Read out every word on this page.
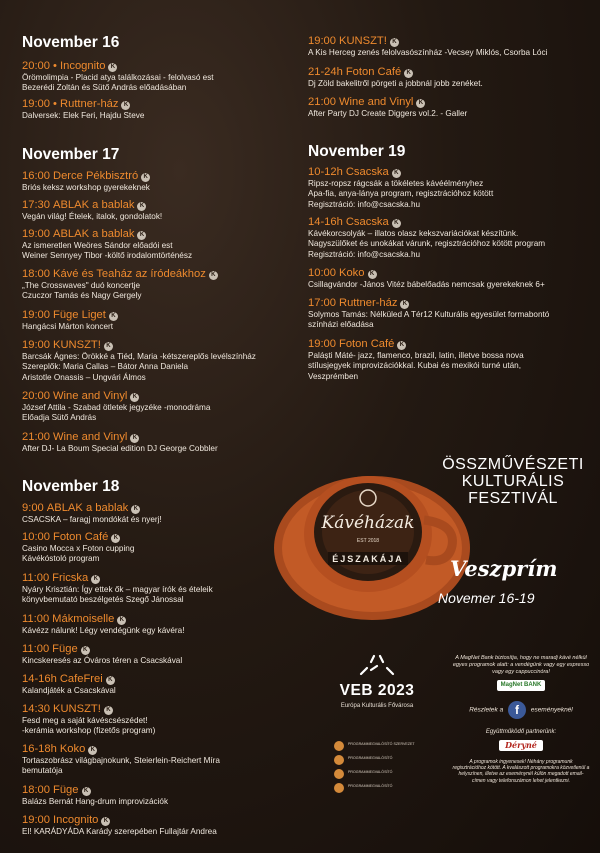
November 16
20:00 • Incognito K
Örömolimpia - Placid atya találkozásai - felolvasó est
Bezerédi Zoltán és Sütő András előadásában
19:00 • Ruttner-ház K
Dalversek: Elek Feri, Hajdu Steve
November 17
16:00 Derce Pékbisztró K
Briós keksz workshop gyerekeknek
17:30 ABLAK a bablak K
Vegán világ! Ételek, italok, gondolatok!
19:00 ABLAK a bablak K
Az ismeretlen Weöres Sándor előadói est
Weiner Sennyey Tibor -költő irodalomtörténész
18:00 Kávé és Teaház az íródeákhoz K
„The Crosswaves" duó koncertje
Czuczor Tamás és Nagy Gergely
19:00 Füge Liget K
Hangácsi Márton koncert
19:00 KUNSZT! K
Barcsák Ágnes: Örökké a Tiéd, Maria -kétszereplős levélszínház
Szereplők: Maria Callas – Bátor Anna Daniela
Aristotle Onassis – Ungvári Álmos
20:00 Wine and Vinyl K
József Attila - Szabad ötletek jegyzéke -monodráma
Előadja Sütő András
21:00 Wine and Vinyl K
After DJ- La Boum Special edition DJ George Cobbler
November 18
9:00 ABLAK a bablak K
CSACSKA – faragj mondókát és nyerj!
10:00 Foton Café K
Casino Mocca x Foton cupping
Kávékóstoló program
11:00 Fricska K
Nyáry Krisztián: Így ettek ők – magyar írók és ételeik
könyvbemutató beszélgetés Szegő Jánossal
11:00 Mákmoiselle K
Kávézz nálunk! Légy vendégünk egy kávéra!
11:00 Füge K
Kincskeresés az Óváros téren a Csacskával
14-16h CafeFrei K
Kalandjáték a Csacskával
14:30 KUNSZT! K
Fesd meg a saját kávéscsészédet!
-kerámia workshop (fizetős program)
16-18h Koko K
Tortaszobrász világbajnokunk, Steierlein-Reichert Míra
bemutatója
18:00 Füge K
Balázs Bernát Hang-drum improvizációk
19:00 Incognito K
El! KARÁDYÁDA Karády szerepében Fullajtár Andrea
19:00 KUNSZT! K
A Kis Herceg zenés felolvasószínház -Vecsey Miklós, Csorba Lóci
21-24h Foton Café K
Dj Zöld bakelitről pörgeti a jobbnál jobb zenéket.
21:00 Wine and Vinyl K
After Party DJ Create Diggers vol.2. - Galler
November 19
10-12h Csacska K
Ripsz-ropsz rágcsák a tökéletes kávéélményhez
Apa-fia, anya-lánya program, regisztrációhoz kötött
Regisztráció: info@csacska.hu
14-16h Csacska K
Kávékorcsolyák – illatos olasz kekszvariációkat készítünk.
Nagyszülőket és unokákat várunk, regisztrációhoz kötött program
Regisztráció: info@csacska.hu
10:00 Koko K
Csillagvándor -János Vitéz bábelőadás nemcsak gyerekeknek 6+
17:00 Ruttner-ház K
Solymos Tamás: Nélküled A Tér12 Kulturális egyesület formabontó
színházi előadása
19:00 Foton Café K
Paláști Máté- jazz, flamenco, brazil, latin, illetve bossa nova
stílusjegyek improvizációkkal. Kubai és mexikói turné után,
Veszprémben
Kávéházak
EST 2018
ÉJSZAKÁJA
ÖSSZMŰVÉSZETI
KULTURÁLIS
FESZTIVÁL
Veszprím
Novemer 16-19
VEB 2023
Európa Kulturális Fővárosa
PROGRAMMEGVALÓSÍTÓ SZERVEZET
PROGRAMMEGVALÓSÍTÓ
PROGRAMMEGVALÓSÍTÓ
PROGRAMMEGVALÓSÍTÓ
A MagNet Bank biztosítja, hogy ne maradj kávé nélkül egyes programok alatt: a vendégünk vagy egy espresso vagy egy cappuccinóra!
MagNet BANK
Részletek a f eseményeknél
Együttműködő partnerünk:
Déryné
A programok ingyenesek! Néhány programunk regisztrációhoz kötött. A kvalászott programokra közvetlenül a helyszínen, illetve az eseménynél külön megadott email-címen vagy telefonszámon lehet jelentkezni.
